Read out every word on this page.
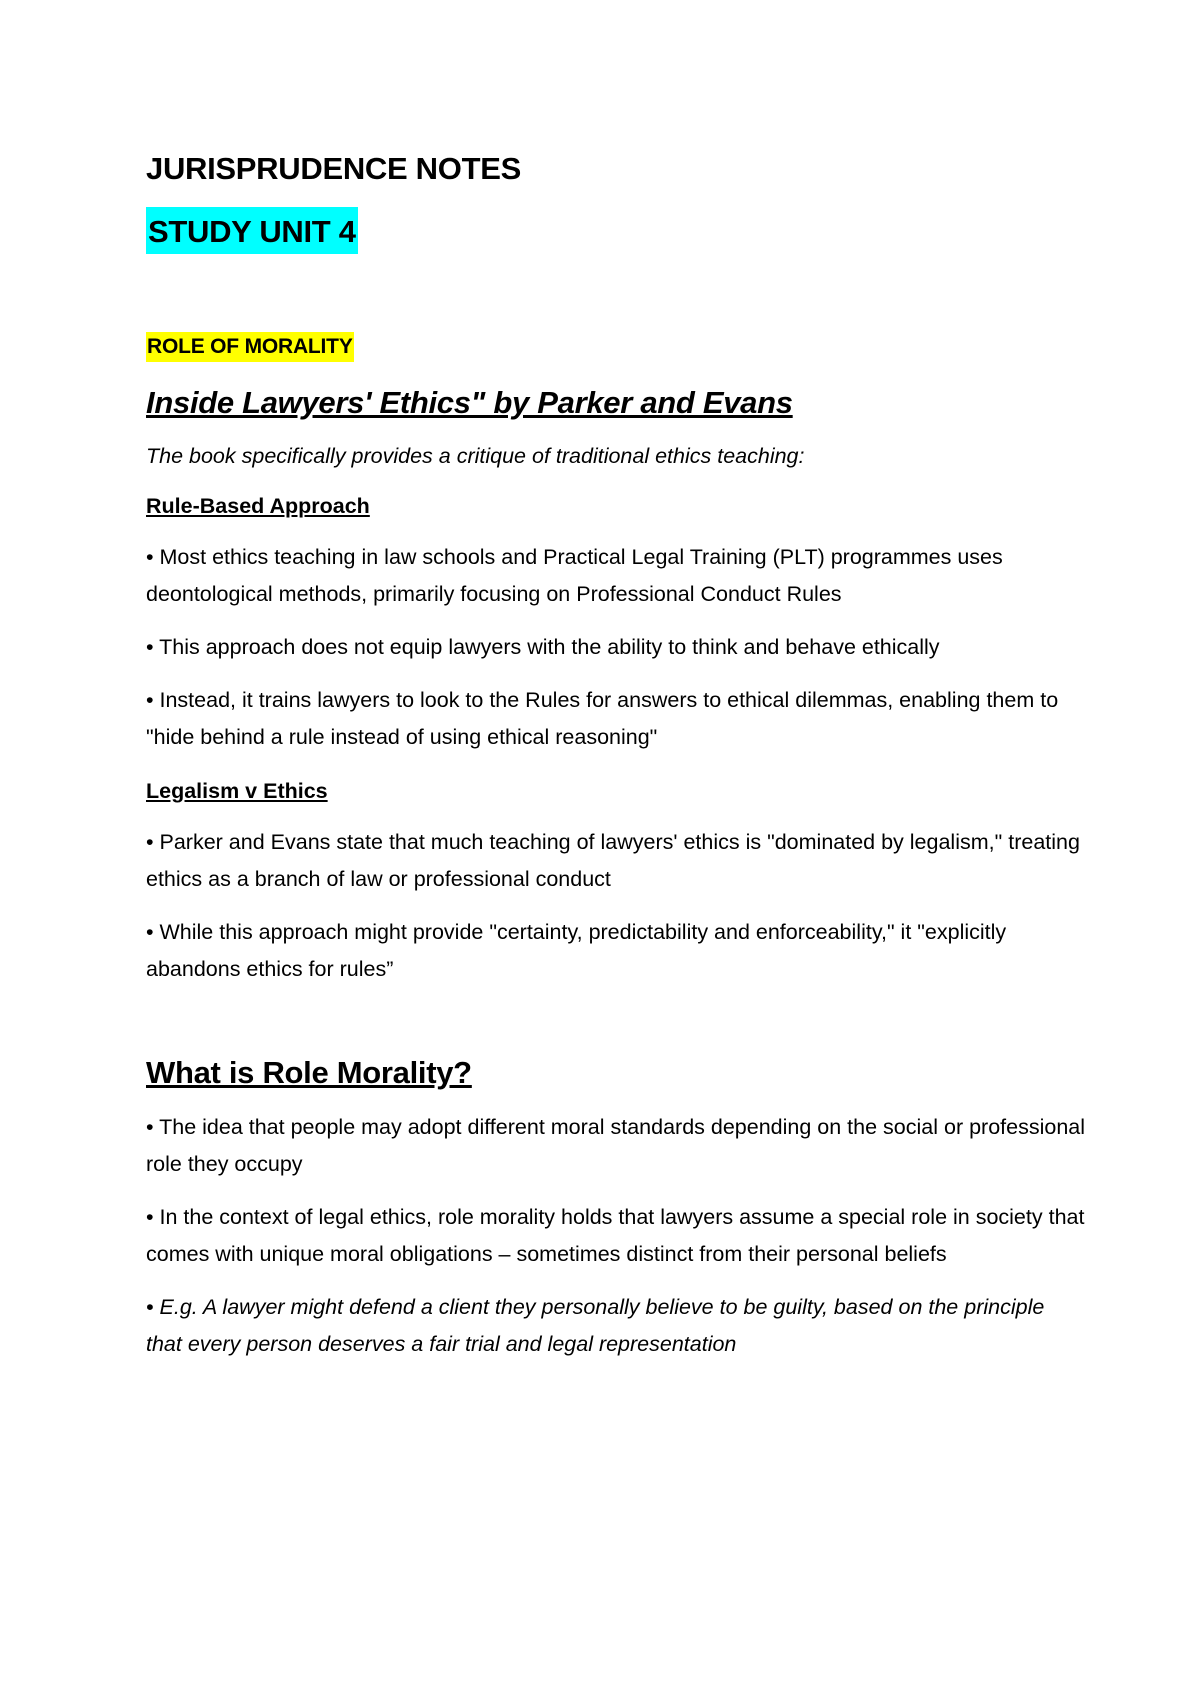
JURISPRUDENCE NOTES
STUDY UNIT 4
ROLE OF MORALITY
Inside Lawyers' Ethics" by Parker and Evans

The book specifically provides a critique of traditional ethics teaching:

Rule-Based Approach

• Most ethics teaching in law schools and Practical Legal Training (PLT) programmes uses deontological methods, primarily focusing on Professional Conduct Rules

• This approach does not equip lawyers with the ability to think and behave ethically

• Instead, it trains lawyers to look to the Rules for answers to ethical dilemmas, enabling them to "hide behind a rule instead of using ethical reasoning"

Legalism v Ethics

• Parker and Evans state that much teaching of lawyers' ethics is "dominated by legalism," treating ethics as a branch of law or professional conduct

• While this approach might provide "certainty, predictability and enforceability," it "explicitly abandons ethics for rules”

What is Role Morality?

• The idea that people may adopt different moral standards depending on the social or professional role they occupy

• In the context of legal ethics, role morality holds that lawyers assume a special role in society that comes with unique moral obligations – sometimes distinct from their personal beliefs

• E.g. A lawyer might defend a client they personally believe to be guilty, based on the principle that every person deserves a fair trial and legal representation
